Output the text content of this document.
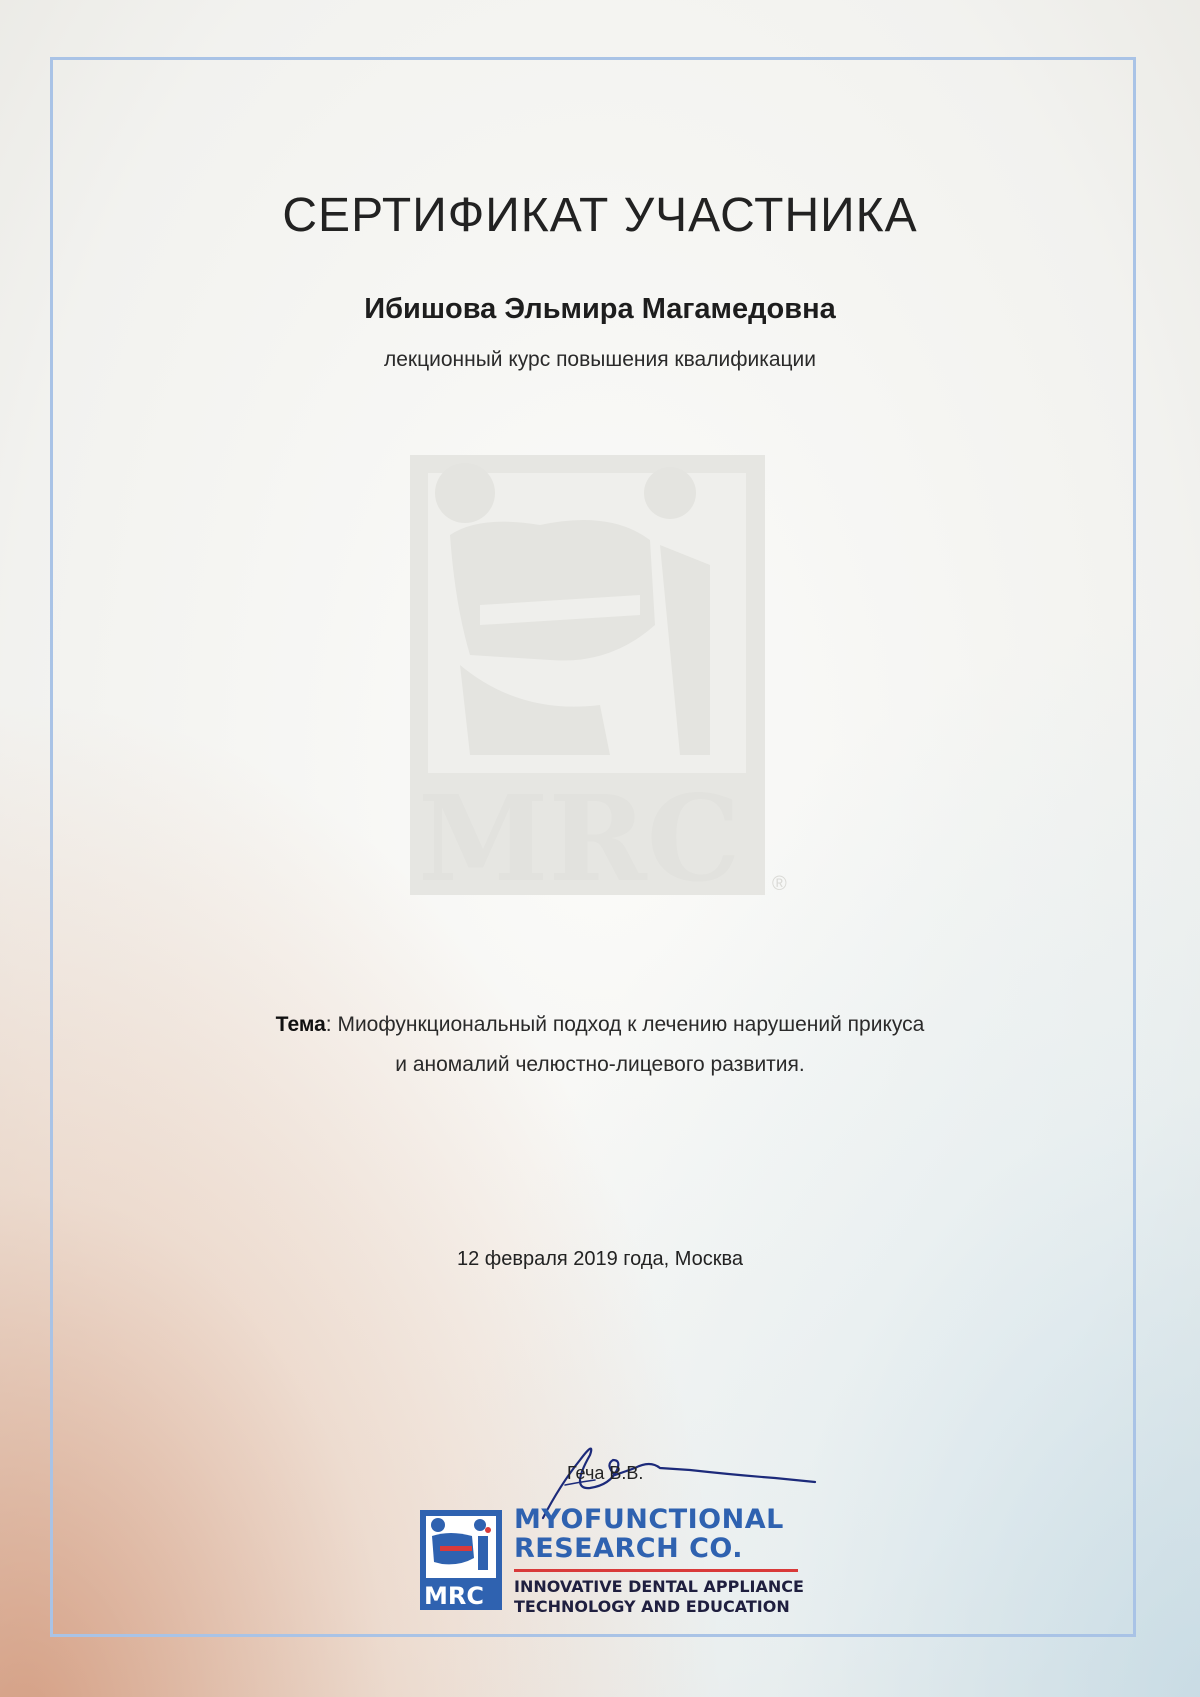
СЕРТИФИКАТ УЧАСТНИКА
Ибишова Эльмира Магамедовна
лекционный курс повышения квалификации
MRC ®
Тема: Миофункциональный подход к лечению нарушений прикуса
и аномалий челюстно-лицевого развития.
12 февраля 2019 года, Москва
Геча В.В.
MRC
MYOFUNCTIONAL
RESEARCH CO.
INNOVATIVE DENTAL APPLIANCE
TECHNOLOGY AND EDUCATION
